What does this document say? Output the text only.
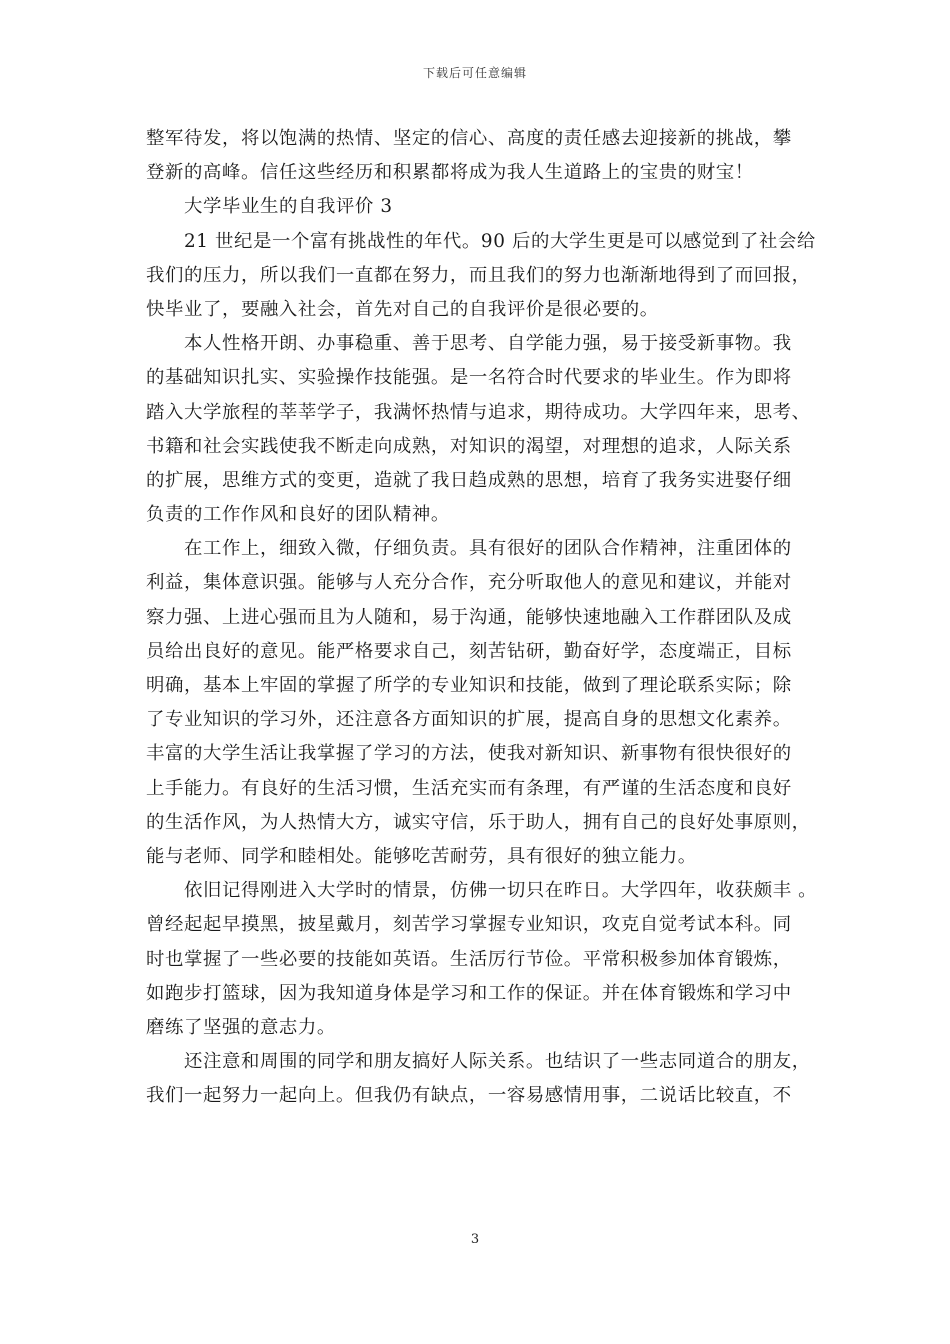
下载后可任意编辑
整军待发，将以饱满的热情、坚定的信心、高度的责任感去迎接新的挑战，攀
登新的高峰。信任这些经历和积累都将成为我人生道路上的宝贵的财宝！
大学毕业生的自我评价 3
21 世纪是一个富有挑战性的年代。90 后的大学生更是可以感觉到了社会给
我们的压力，所以我们一直都在努力，而且我们的努力也渐渐地得到了而回报，
快毕业了，要融入社会，首先对自己的自我评价是很必要的。
本人性格开朗、办事稳重、善于思考、自学能力强，易于接受新事物。我
的基础知识扎实、实验操作技能强。是一名符合时代要求的毕业生。作为即将
踏入大学旅程的莘莘学子，我满怀热情与追求，期待成功。大学四年来，思考、
书籍和社会实践使我不断走向成熟，对知识的渴望，对理想的追求，人际关系
的扩展，思维方式的变更，造就了我日趋成熟的思想，培育了我务实进娶仔细
负责的工作作风和良好的团队精神。
在工作上，细致入微，仔细负责。具有很好的团队合作精神，注重团体的
利益，集体意识强。能够与人充分合作，充分听取他人的意见和建议，并能对
察力强、上进心强而且为人随和，易于沟通，能够快速地融入工作群团队及成
员给出良好的意见。能严格要求自己，刻苦钻研，勤奋好学，态度端正，目标
明确，基本上牢固的掌握了所学的专业知识和技能，做到了理论联系实际；除
了专业知识的学习外，还注意各方面知识的扩展，提高自身的思想文化素养。
丰富的大学生活让我掌握了学习的方法，使我对新知识、新事物有很快很好的
上手能力。有良好的生活习惯，生活充实而有条理，有严谨的生活态度和良好
的生活作风，为人热情大方，诚实守信，乐于助人，拥有自己的良好处事原则，
能与老师、同学和睦相处。能够吃苦耐劳，具有很好的独立能力。
依旧记得刚进入大学时的情景，仿佛一切只在昨日。大学四年，收获颇丰 。
曾经起起早摸黑，披星戴月，刻苦学习掌握专业知识，攻克自觉考试本科。同
时也掌握了一些必要的技能如英语。生活厉行节俭。平常积极参加体育锻炼，
如跑步打篮球，因为我知道身体是学习和工作的保证。并在体育锻炼和学习中
磨练了坚强的意志力。
还注意和周围的同学和朋友搞好人际关系。也结识了一些志同道合的朋友，
我们一起努力一起向上。但我仍有缺点，一容易感情用事，二说话比较直，不
3
